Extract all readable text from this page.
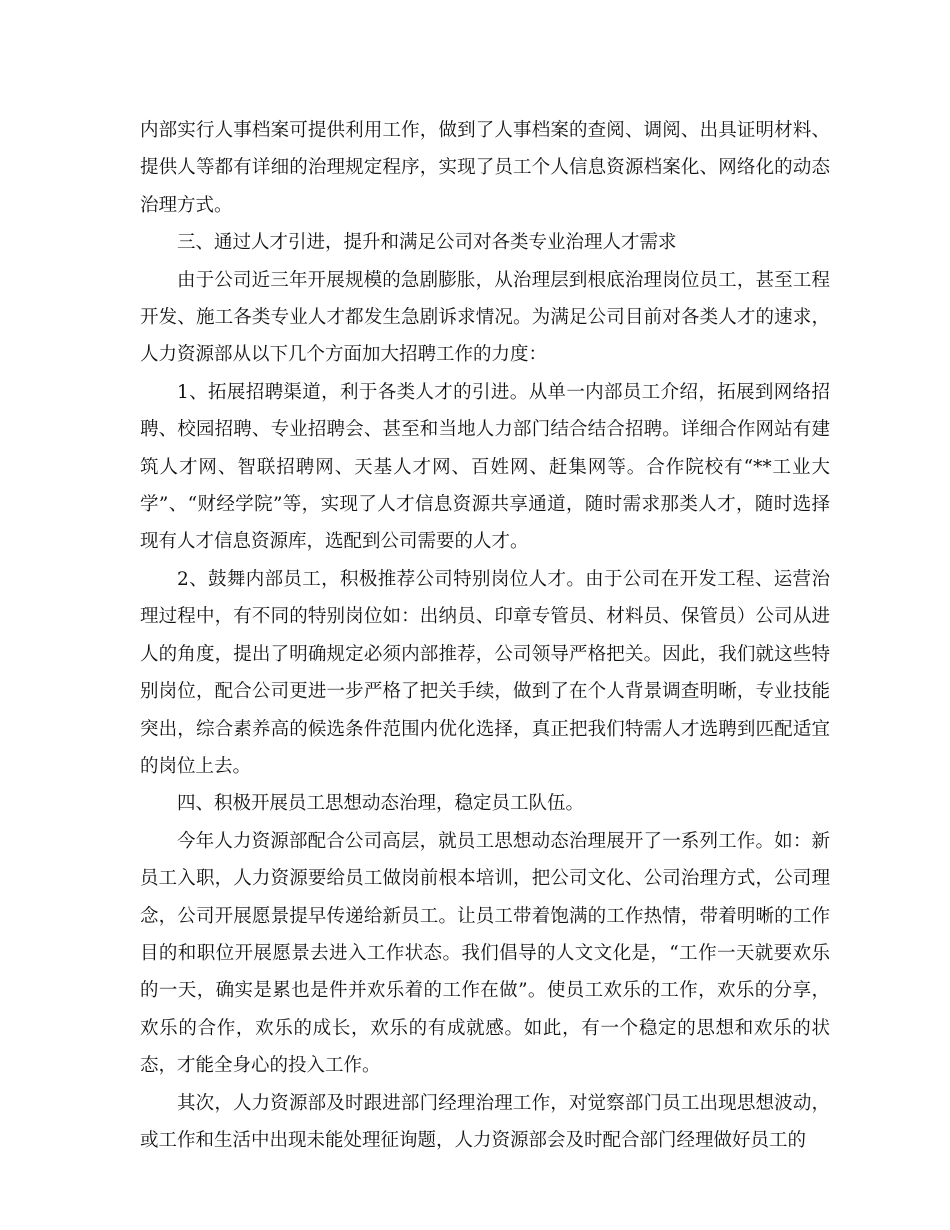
内部实行人事档案可提供利用工作，做到了人事档案的查阅、调阅、出具证明材料、提供人等都有详细的治理规定程序，实现了员工个人信息资源档案化、网络化的动态治理方式。

三、通过人才引进，提升和满足公司对各类专业治理人才需求

由于公司近三年开展规模的急剧膨胀，从治理层到根底治理岗位员工，甚至工程开发、施工各类专业人才都发生急剧诉求情况。为满足公司目前对各类人才的速求，人力资源部从以下几个方面加大招聘工作的力度：

1、拓展招聘渠道，利于各类人才的引进。从单一内部员工介绍，拓展到网络招聘、校园招聘、专业招聘会、甚至和当地人力部门结合结合招聘。详细合作网站有建筑人才网、智联招聘网、天基人才网、百姓网、赶集网等。合作院校有“**工业大学”、“财经学院”等，实现了人才信息资源共享通道，随时需求那类人才，随时选择现有人才信息资源库，选配到公司需要的人才。

2、鼓舞内部员工，积极推荐公司特别岗位人才。由于公司在开发工程、运营治理过程中，有不同的特别岗位如：出纳员、印章专管员、材料员、保管员）公司从进人的角度，提出了明确规定必须内部推荐，公司领导严格把关。因此，我们就这些特别岗位，配合公司更进一步严格了把关手续，做到了在个人背景调查明晰，专业技能突出，综合素养高的候选条件范围内优化选择，真正把我们特需人才选聘到匹配适宜的岗位上去。

四、积极开展员工思想动态治理，稳定员工队伍。

今年人力资源部配合公司高层，就员工思想动态治理展开了一系列工作。如：新员工入职，人力资源要给员工做岗前根本培训，把公司文化、公司治理方式，公司理念，公司开展愿景提早传递给新员工。让员工带着饱满的工作热情，带着明晰的工作目的和职位开展愿景去进入工作状态。我们倡导的人文文化是，“工作一天就要欢乐的一天，确实是累也是件并欢乐着的工作在做”。使员工欢乐的工作，欢乐的分享，欢乐的合作，欢乐的成长，欢乐的有成就感。如此，有一个稳定的思想和欢乐的状态，才能全身心的投入工作。

其次，人力资源部及时跟进部门经理治理工作，对觉察部门员工出现思想波动，或工作和生活中出现未能处理征询题，人力资源部会及时配合部门经理做好员工的
